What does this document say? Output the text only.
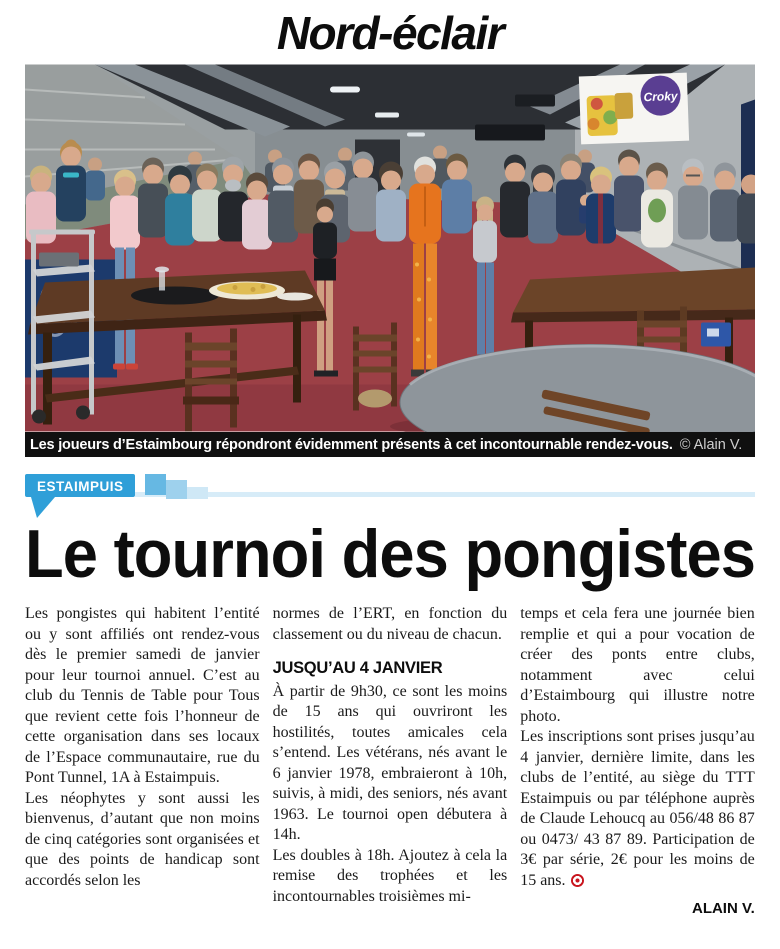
Nord-éclair
Croky
Les joueurs d’Estaimbourg répondront évidemment présents à cet incontournable rendez-vous. © Alain V.
ESTAIMPUIS
Le tournoi des pongistes

Les pongistes qui habitent l’entité ou y sont affiliés ont rendez-vous dès le premier samedi de janvier pour leur tournoi annuel. C’est au club du Tennis de Table pour Tous que revient cette fois l’honneur de cette organisation dans ses locaux de l’Espace communautaire, rue du Pont Tunnel, 1A à Estaimpuis.

Les néophytes y sont aussi les bienvenus, d’autant que non moins de cinq catégories sont organisées et que des points de handicap sont accordés selon les

normes de l’ERT, en fonction du classement ou du niveau de chacun.

JUSQU’AU 4 JANVIER

À partir de 9h30, ce sont les moins de 15 ans qui ouvriront les hostilités, toutes amicales cela s’entend. Les vétérans, nés avant le 6 janvier 1978, embraieront à 10h, suivis, à midi, des seniors, nés avant 1963. Le tournoi open débutera à 14h.

Les doubles à 18h. Ajoutez à cela la remise des trophées et les incontournables troisièmes mi-

temps et cela fera une journée bien remplie et qui a pour vocation de créer des ponts entre clubs, notamment avec celui d’Estaimbourg qui illustre notre photo.

Les inscriptions sont prises jusqu’au 4 janvier, dernière limite, dans les clubs de l’entité, au siège du TTT Estaimpuis ou par téléphone auprès de Claude Lehoucq au 056/48 86 87 ou 0473/ 43 87 89. Participation de 3€ par série, 2€ pour les moins de 15 ans.

ALAIN V.
